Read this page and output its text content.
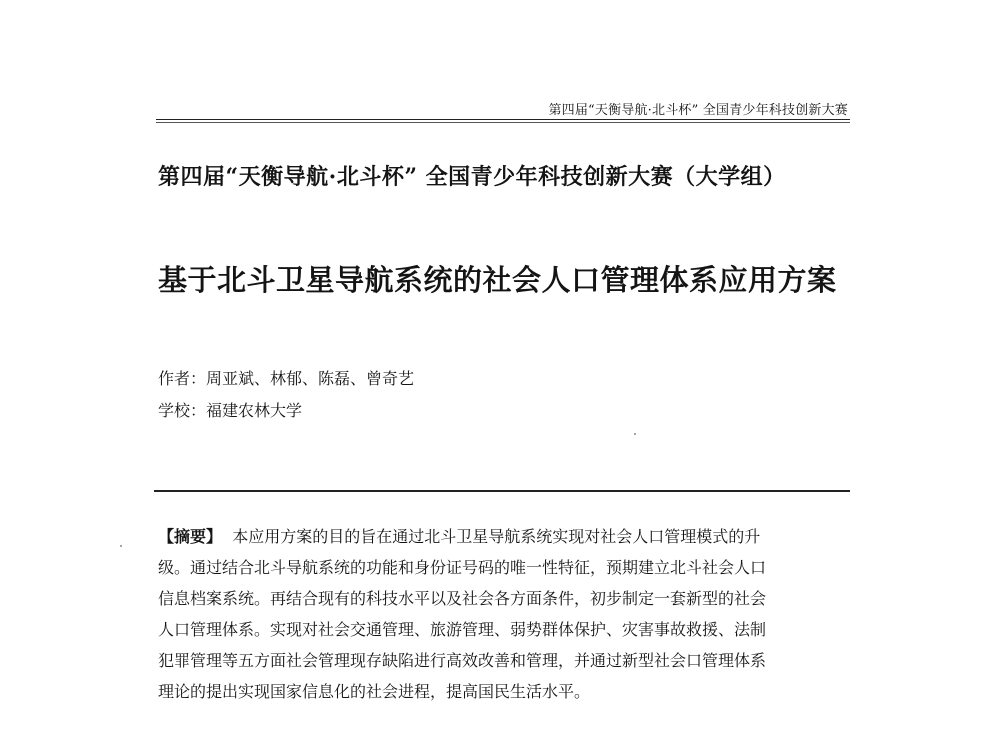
第四届“天衡导航·北斗杯” 全国青少年科技创新大赛
第四届“天衡导航·北斗杯” 全国青少年科技创新大赛（大学组）
基于北斗卫星导航系统的社会人口管理体系应用方案
作者：周亚斌、林郁、陈磊、曾奇艺
学校：福建农林大学
【摘要】 本应用方案的目的旨在通过北斗卫星导航系统实现对社会人口管理模式的升
级。通过结合北斗导航系统的功能和身份证号码的唯一性特征，预期建立北斗社会人口
信息档案系统。再结合现有的科技水平以及社会各方面条件，初步制定一套新型的社会
人口管理体系。实现对社会交通管理、旅游管理、弱势群体保护、灾害事故救援、法制
犯罪管理等五方面社会管理现存缺陷进行高效改善和管理，并通过新型社会口管理体系
理论的提出实现国家信息化的社会进程，提高国民生活水平。
